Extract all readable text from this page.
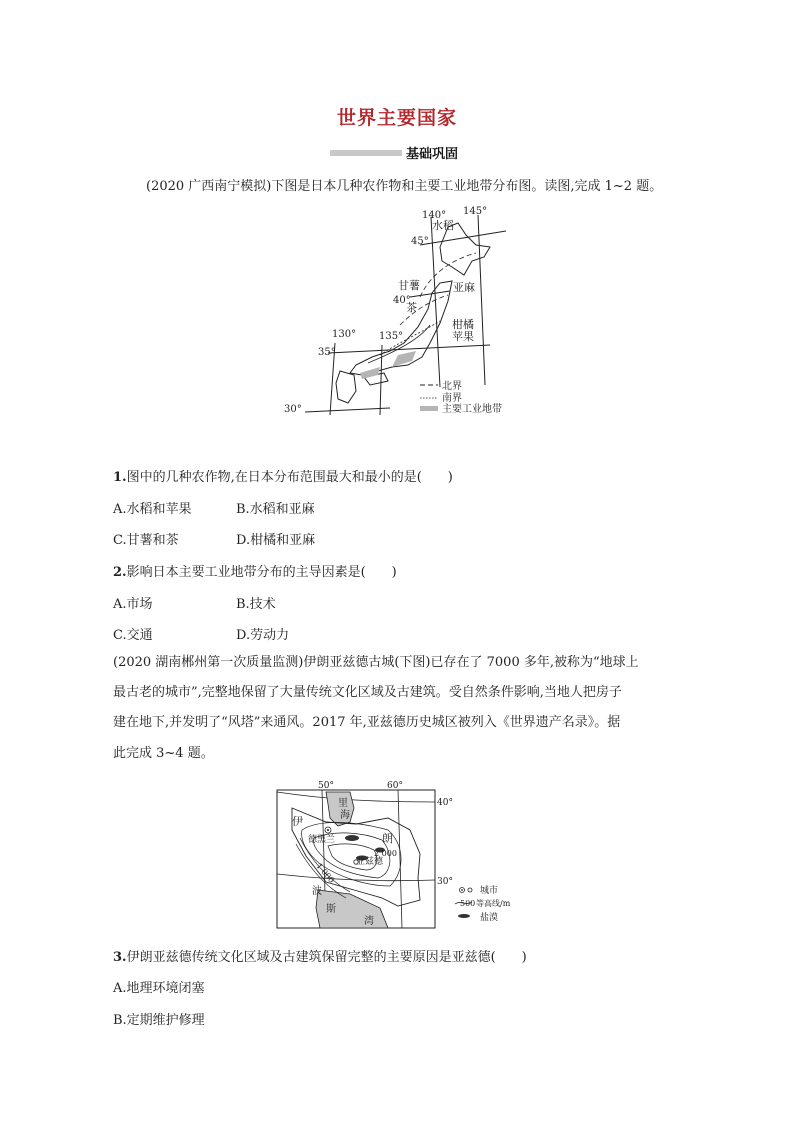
世界主要国家
基础巩固
(2020 广西南宁模拟)下图是日本几种农作物和主要工业地带分布图。读图,完成 1~2 题。
140° 145°
130° 135°
45°
40°
35°
30°
水稻
甘薯	亚麻
茶
柑橘
苹果
北界
南界
主要工业地带
1.图中的几种农作物,在日本分布范围最大和最小的是(　　)
A.水稻和苹果	B.水稻和亚麻
C.甘薯和茶	D.柑橘和亚麻
2.影响日本主要工业地带分布的主导因素是(　　)
A.市场	B.技术
C.交通	D.劳动力
(2020 湖南郴州第一次质量监测)伊朗亚兹德古城(下图)已存在了 7000 多年,被称为“地球上
最古老的城市”,完整地保留了大量传统文化区域及古建筑。受自然条件影响,当地人把房子
建在地下,并发明了“风塔”来通风。2017 年,亚兹德历史城区被列入《世界遗产名录》。据
此完成 3~4 题。
50°	60°
40°
30°
里
海
伊
朗
德黑兰
亚兹德
波
斯
湾
2 000
1 000
城市
500 等高线/m
盐漠
3.伊朗亚兹德传统文化区域及古建筑保留完整的主要原因是亚兹德(　　)
A.地理环境闭塞
B.定期维护修理
